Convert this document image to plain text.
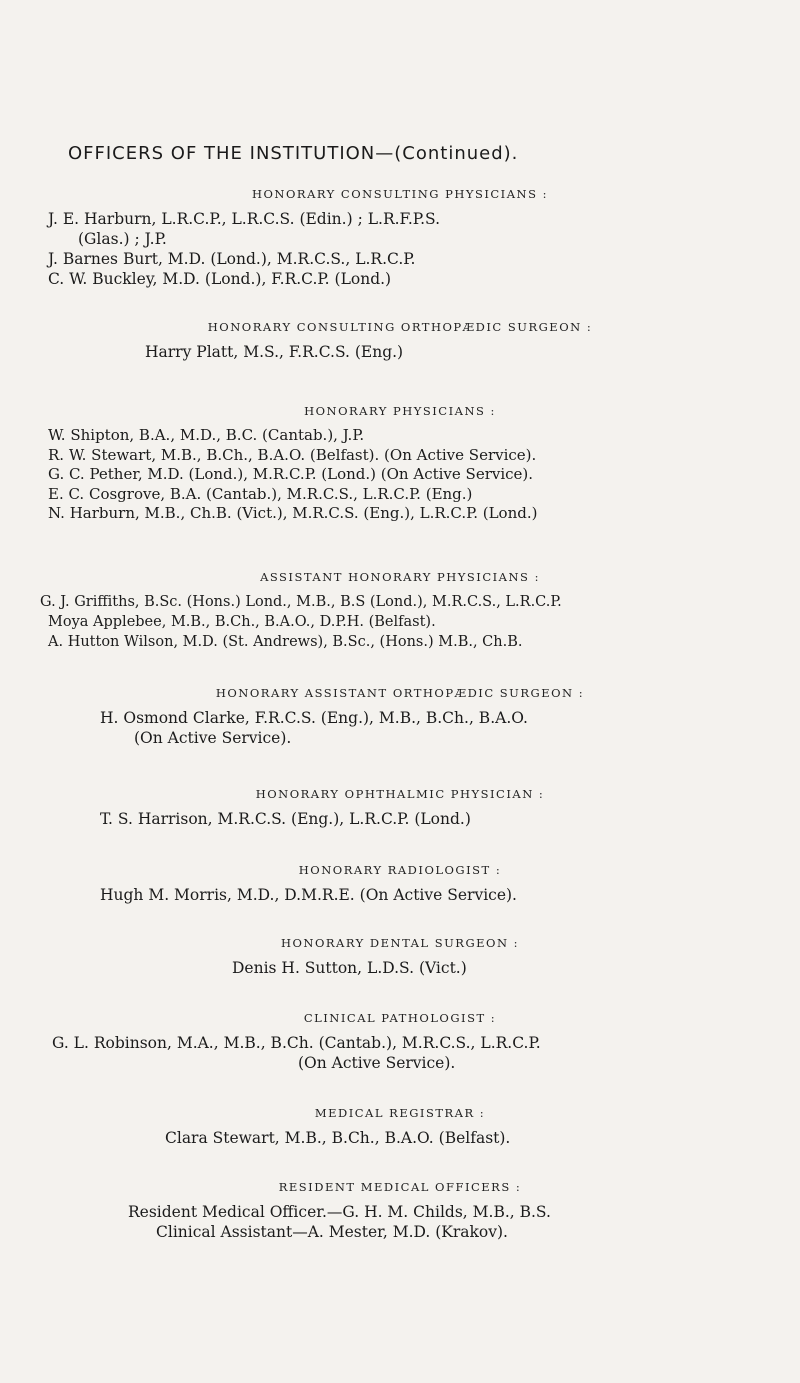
OFFICERS OF THE INSTITUTION—(Continued).
HONORARY CONSULTING PHYSICIANS :
J. E. Harburn, L.R.C.P., L.R.C.S. (Edin.) ; L.R.F.P.S.
(Glas.) ; J.P.
J. Barnes Burt, M.D. (Lond.), M.R.C.S., L.R.C.P.
C. W. Buckley, M.D. (Lond.), F.R.C.P. (Lond.)
HONORARY CONSULTING ORTHOPÆDIC SURGEON :
Harry Platt, M.S., F.R.C.S. (Eng.)
HONORARY PHYSICIANS :
W. Shipton, B.A., M.D., B.C. (Cantab.), J.P.
R. W. Stewart, M.B., B.Ch., B.A.O. (Belfast). (On Active Service).
G. C. Pether, M.D. (Lond.), M.R.C.P. (Lond.) (On Active Service).
E. C. Cosgrove, B.A. (Cantab.), M.R.C.S., L.R.C.P. (Eng.)
N. Harburn, M.B., Ch.B. (Vict.), M.R.C.S. (Eng.), L.R.C.P. (Lond.)
ASSISTANT HONORARY PHYSICIANS :
G. J. Griffiths, B.Sc. (Hons.) Lond., M.B., B.S (Lond.), M.R.C.S., L.R.C.P.
Moya Applebee, M.B., B.Ch., B.A.O., D.P.H. (Belfast).
A. Hutton Wilson, M.D. (St. Andrews), B.Sc., (Hons.) M.B., Ch.B.
HONORARY ASSISTANT ORTHOPÆDIC SURGEON :
H. Osmond Clarke, F.R.C.S. (Eng.), M.B., B.Ch., B.A.O.
(On Active Service).
HONORARY OPHTHALMIC PHYSICIAN :
T. S. Harrison, M.R.C.S. (Eng.), L.R.C.P. (Lond.)
HONORARY RADIOLOGIST :
Hugh M. Morris, M.D., D.M.R.E. (On Active Service).
HONORARY DENTAL SURGEON :
Denis H. Sutton, L.D.S. (Vict.)
CLINICAL PATHOLOGIST :
G. L. Robinson, M.A., M.B., B.Ch. (Cantab.), M.R.C.S., L.R.C.P.
(On Active Service).
MEDICAL REGISTRAR :
Clara Stewart, M.B., B.Ch., B.A.O. (Belfast).
RESIDENT MEDICAL OFFICERS :
Resident Medical Officer.—G. H. M. Childs, M.B., B.S.
Clinical Assistant—A. Mester, M.D. (Krakov).
